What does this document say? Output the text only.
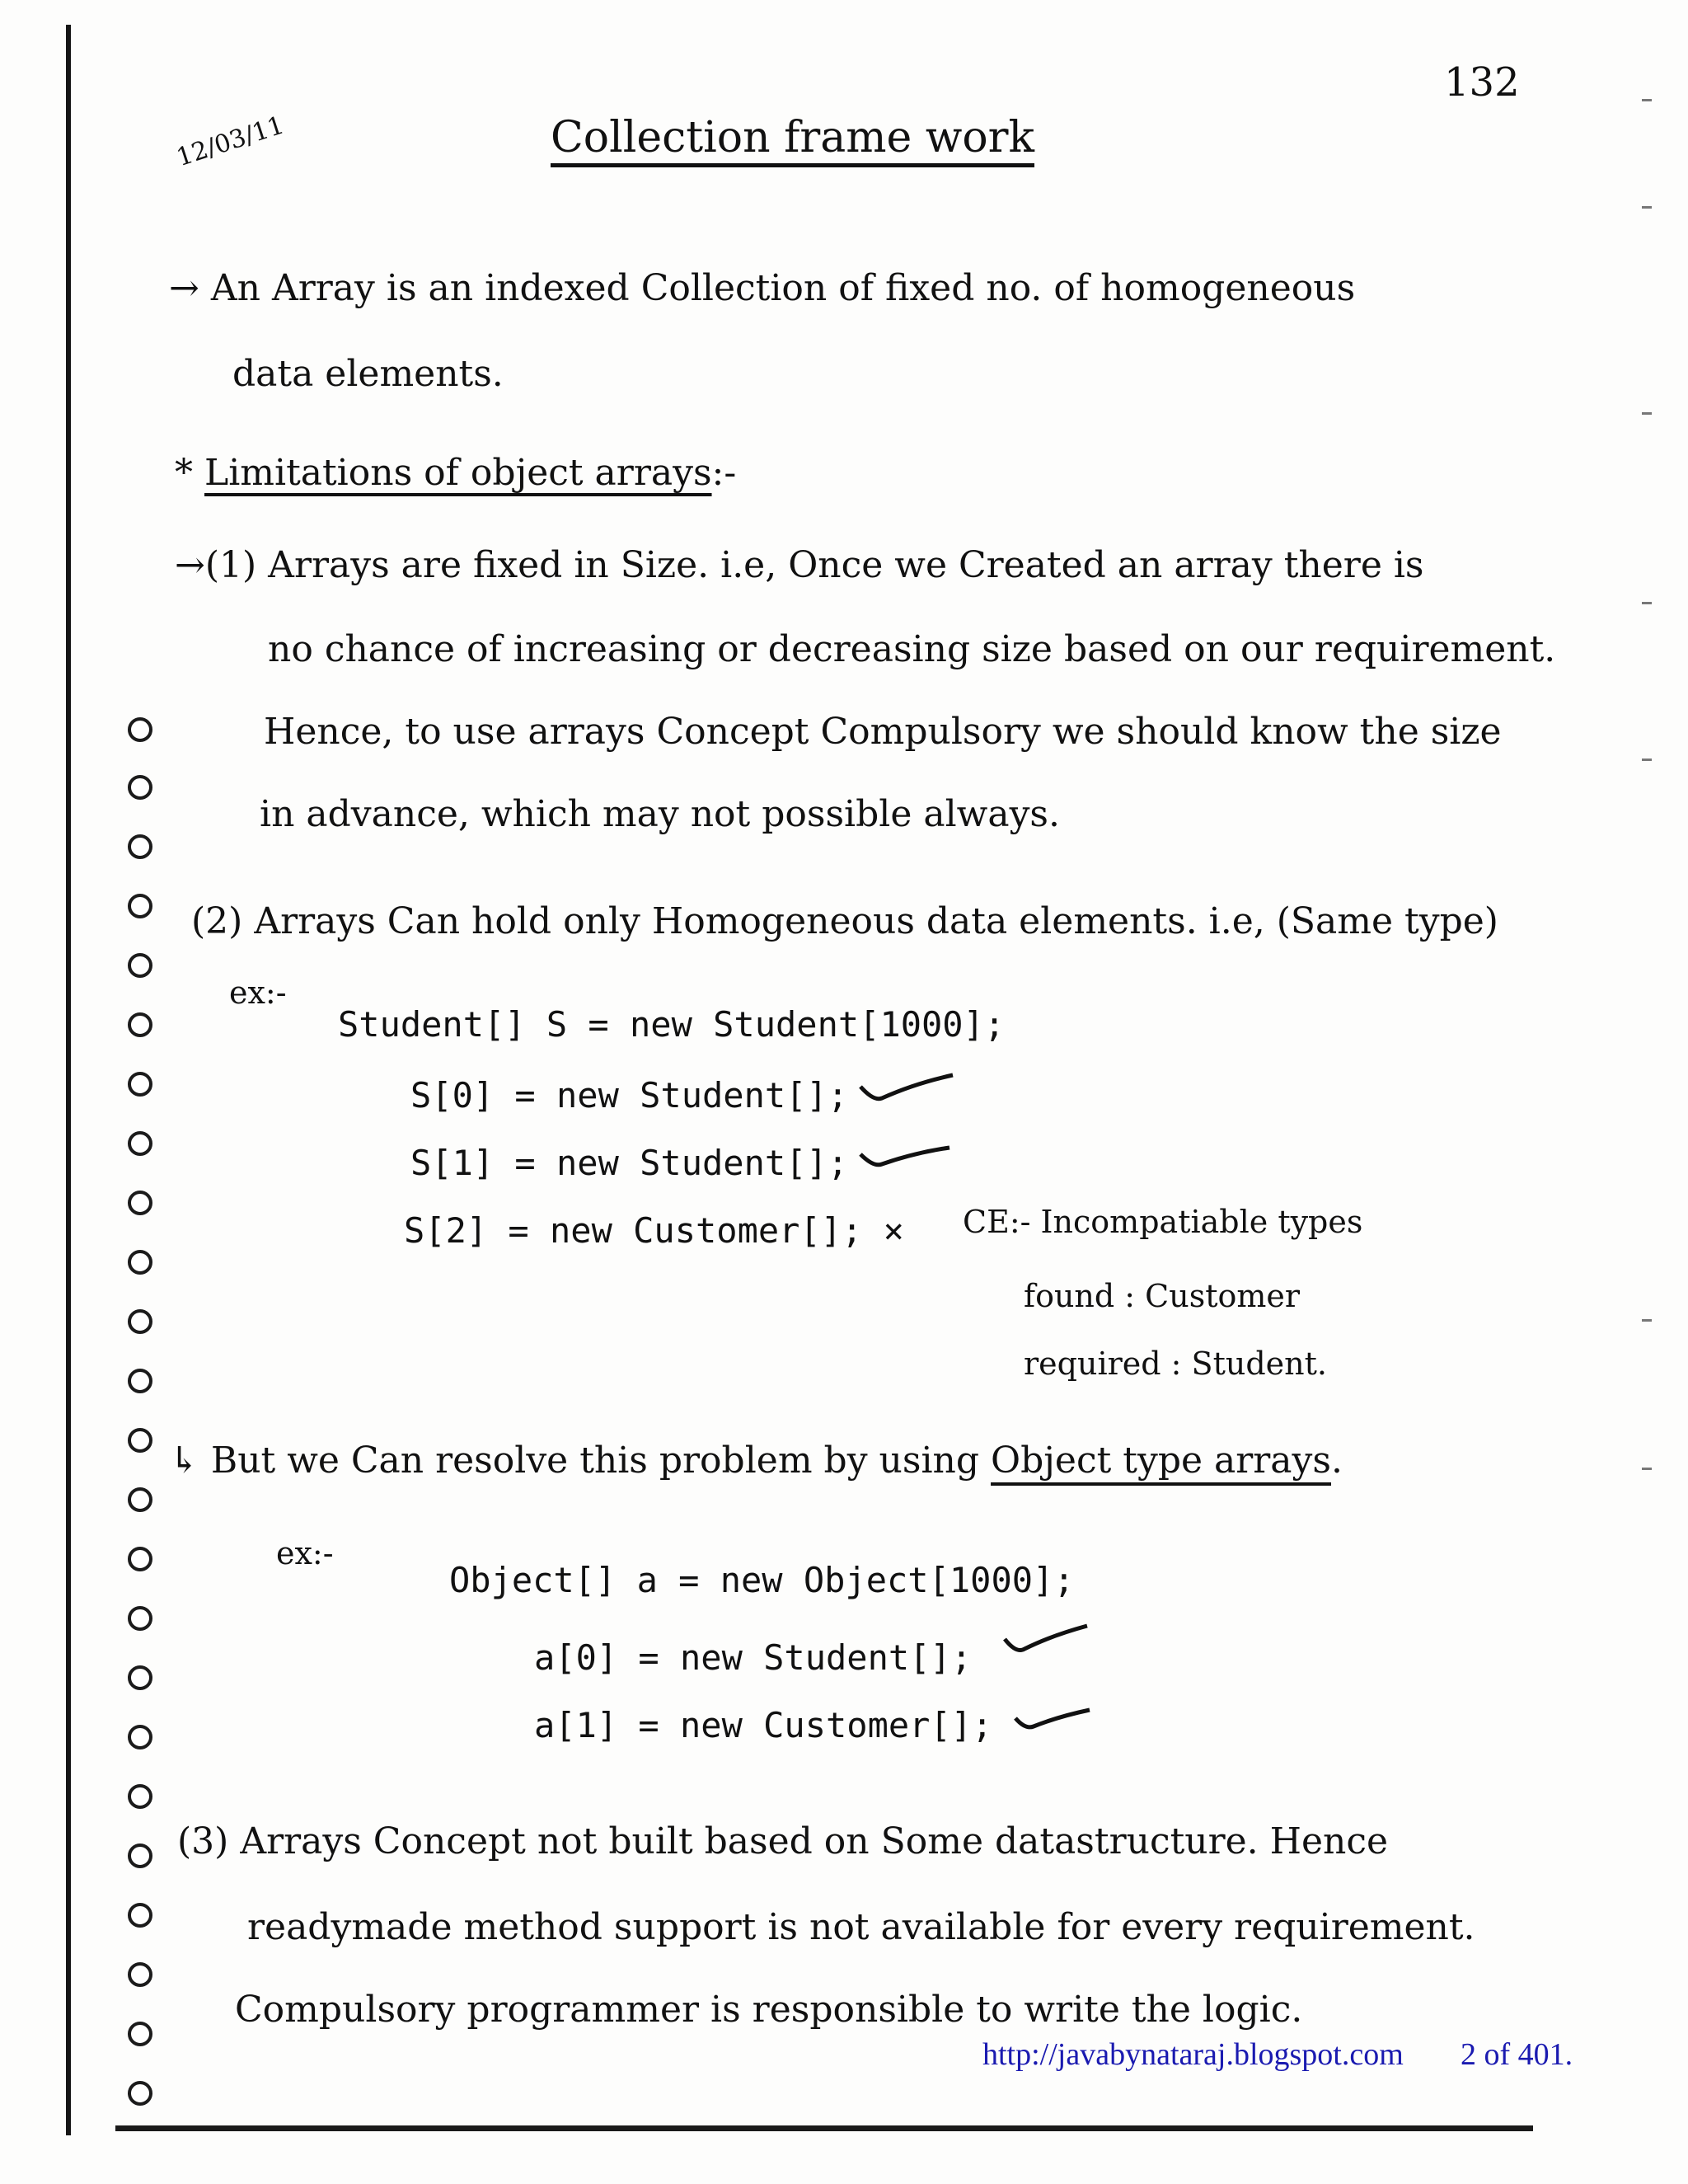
132
12/03/11	Collection frame work
→ An Array is an indexed Collection of fixed no. of homogeneous
data elements.
* Limitations of object arrays:-
→(1) Arrays are fixed in Size. i.e, Once we Created an array there is
no chance of increasing or decreasing size based on our requirement.
Hence, to use arrays Concept Compulsory we should know the size
in advance, which may not possible always.
(2) Arrays Can hold only Homogeneous data elements. i.e, (Same type)
ex:-
Student[] S = new Student[1000];
S[0] = new Student[];
S[1] = new Student[];
S[2] = new Customer[]; × CE:- Incompatiable types
found : Customer
required : Student.
↳ But we Can resolve this problem by using Object type arrays.
ex:-
Object[] a = new Object[1000];
a[0] = new Student[];
a[1] = new Customer[];
(3) Arrays Concept not built based on Some datastructure. Hence
readymade method support is not available for every requirement.
Compulsory programmer is responsible to write the logic.
http://javabynataraj.blogspot.com 2 of 401.
